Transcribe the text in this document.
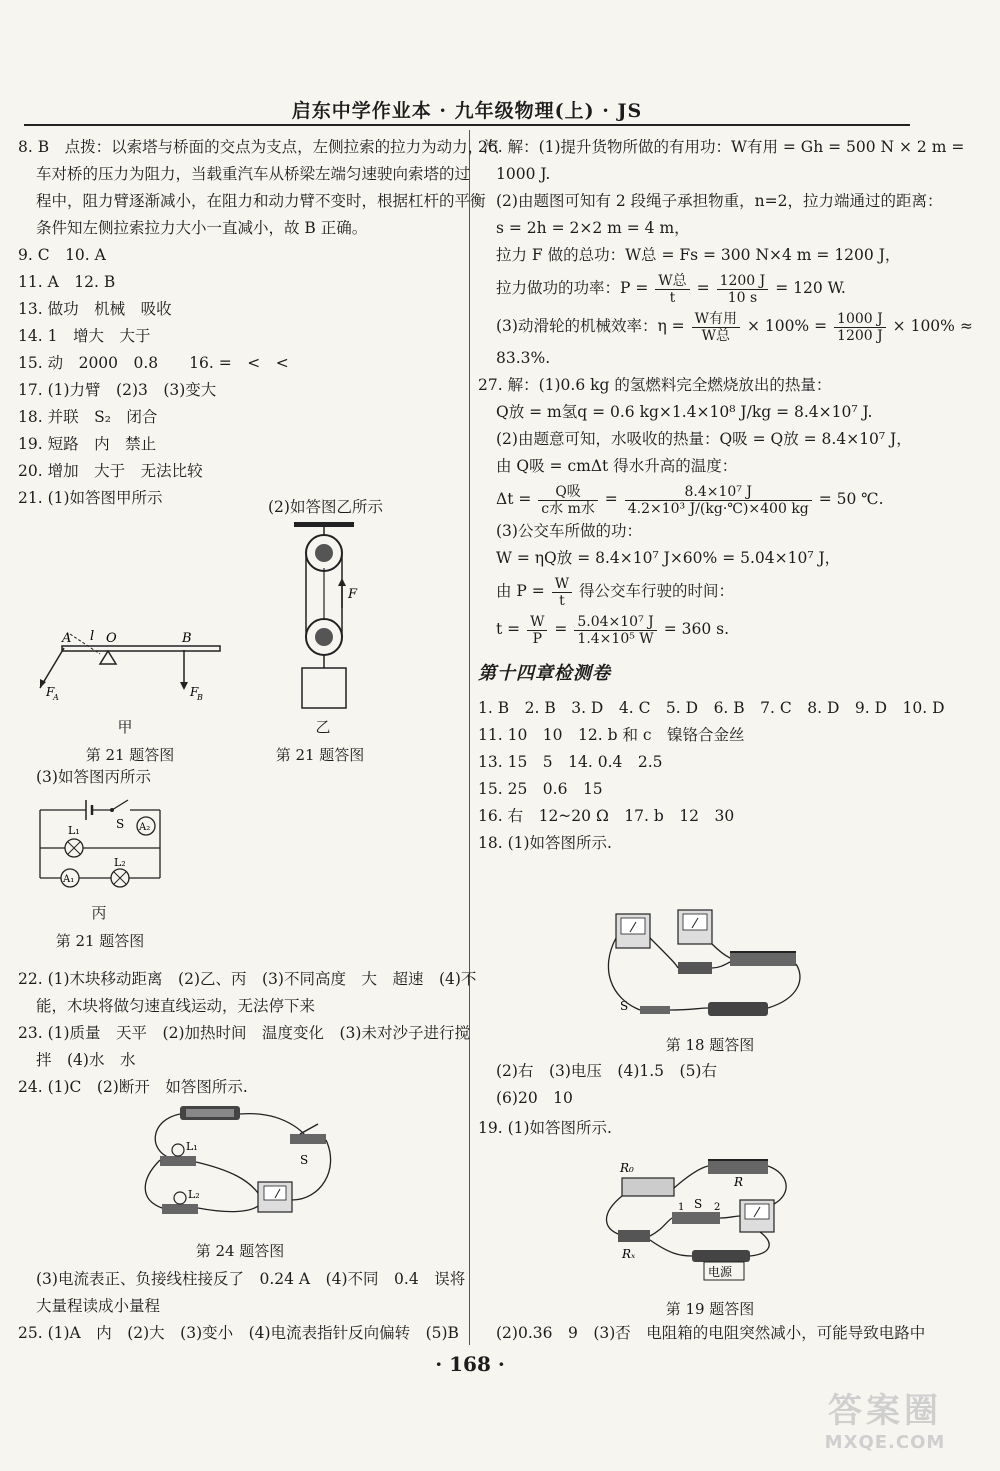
启东中学作业本 · 九年级物理(上) · JS
8. B　点拨：以索塔与桥面的交点为支点，左侧拉索的拉力为动力，汽
车对桥的压力为阻力，当载重汽车从桥梁左端匀速驶向索塔的过
程中，阻力臂逐渐减小，在阻力和动力臂不变时，根据杠杆的平衡
条件知左侧拉索拉力大小一直减小，故 B 正确。
9. C　10. A
11. A　12. B
13. 做功　机械　吸收
14. 1　增大　大于
15. 动　2000　0.8　　16. =　<　<
17. (1)力臂　(2)3　(3)变大
18. 并联　S₂　闭合
19. 短路　内　禁止
20. 增加　大于　无法比较
21. (1)如答图甲所示	(2)如答图乙所示
A l O	B
F
A	F
B
甲
第 21 题答图
F
乙
第 21 题答图
(3)如答图丙所示
S A₂
L₁
A₁
L₂
丙
第 21 题答图
22. (1)木块移动距离　(2)乙、丙　(3)不同高度　大　超速　(4)不
能，木块将做匀速直线运动，无法停下来
23. (1)质量　天平　(2)加热时间　温度变化　(3)未对沙子进行搅
拌　(4)水　水
24. (1)C　(2)断开　如答图所示.
S
L₁
L₂
第 24 题答图
(3)电流表正、负接线柱接反了　0.24 A　(4)不同　0.4　误将
大量程读成小量程
25. (1)A　内　(2)大　(3)变小　(4)电流表指针反向偏转　(5)B
26. 解：(1)提升货物所做的有用功：W有用 = Gh = 500 N × 2 m =
1000 J.
(2)由题图可知有 2 段绳子承担物重，n=2，拉力端通过的距离：
s = 2h = 2×2 m = 4 m，
拉力 F 做的总功：W总 = Fs = 300 N×4 m = 1200 J，
拉力做功的功率：$P = \frac{\text{W总}}{t} = \frac{1200 J}{10 s} = 120$ W.
(3)动滑轮的机械效率：$\eta = \frac{\text{W有用}}{\text{W总}} \times 100\% = \frac{1000 J}{1200 J} \times 100\%$ ≈
83.3%.
27. 解：(1)0.6 kg 的氢燃料完全燃烧放出的热量：
Q放 = m氢q = 0.6 kg×1.4×10⁸ J/kg = 8.4×10⁷ J.
(2)由题意可知，水吸收的热量：Q吸 = Q放 = 8.4×10⁷ J，
由 Q吸 = cmΔt 得水升高的温度：
$\Delta t = \frac{\text{Q吸}}{\text{c水 m水}} = \frac{\text{8.4×10⁷ J}}{\text{4.2×10³ J/(kg·℃)×400 kg}} = 50$ ℃.
(3)公交车所做的功：
W = ηQ放 = 8.4×10⁷ J×60% = 5.04×10⁷ J，
由 $P = \frac{W}{t}$ 得公交车行驶的时间：
$t = \frac{W}{P} = \frac{\text{5.04×10⁷ J}}{\text{1.4×10⁵ W}} = 360$ s.
第十四章检测卷
1. B　2. B　3. D　4. C　5. D　6. B　7. C　8. D　9. D　10. D
11. 10　10　12. b 和 c　镍铬合金丝
13. 15　5　14. 0.4　2.5
15. 25　0.6　15
16. 右　12~20 Ω　17. b　12　30
18. (1)如答图所示.
S
第 18 题答图
(2)右　(3)电压　(4)1.5　(5)右
(6)20　10
19. (1)如答图所示.
R₀
R
S
1	2
Rₓ
电源
第 19 题答图
(2)0.36　9　(3)否　电阻箱的电阻突然减小，可能导致电路中
· 168 ·
答案圈
MXQE.COM
